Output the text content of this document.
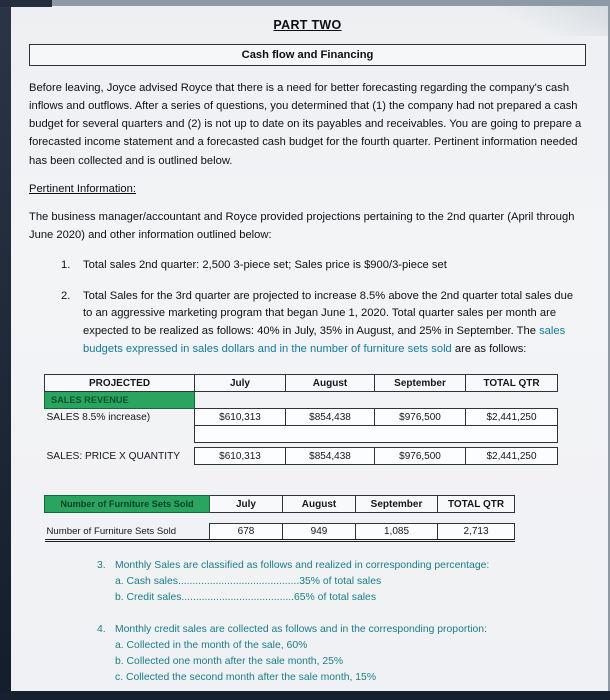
PART TWO
Cash flow and Financing

Before leaving, Joyce advised Royce that there is a need for better forecasting regarding the company's cash inflows and outflows. After a series of questions, you determined that (1) the company had not prepared a cash budget for several quarters and (2) is not up to date on its payables and receivables. You are going to prepare a forecasted income statement and a forecasted cash budget for the fourth quarter. Pertinent information needed has been collected and is outlined below.

Pertinent Information:

The business manager/accountant and Royce provided projections pertaining to the 2nd quarter (April through June 2020) and other information outlined below:

1.	Total sales 2nd quarter: 2,500 3-piece set; Sales price is $900/3-piece set
2.	Total Sales for the 3rd quarter are projected to increase 8.5% above the 2nd quarter total sales due to an aggressive marketing program that began June 1, 2020. Total quarter sales per month are expected to be realized as follows: 40% in July, 35% in August, and 25% in September. The sales budgets expressed in sales dollars and in the number of furniture sets sold are as follows:
PROJECTED	July	August	September	TOTAL QTR
SALES REVENUE				
SALES 8.5% increase)	$610,313	$854,438	$976,500	$2,441,250

SALES: PRICE X QUANTITY	$610,313	$854,438	$976,500	$2,441,250
Number of Furniture Sets Sold	July	August	September	TOTAL QTR

Number of Furniture Sets Sold	678	949	1,085	2,713
3. Monthly Sales are classified as follows and realized in corresponding percentage:
a. Cash sales..........................................35% of total sales
b. Credit sales.......................................65% of total sales
4. Monthly credit sales are collected as follows and in the corresponding proportion:
a. Collected in the month of the sale, 60%
b. Collected one month after the sale month, 25%
c. Collected the second month after the sale month, 15%
